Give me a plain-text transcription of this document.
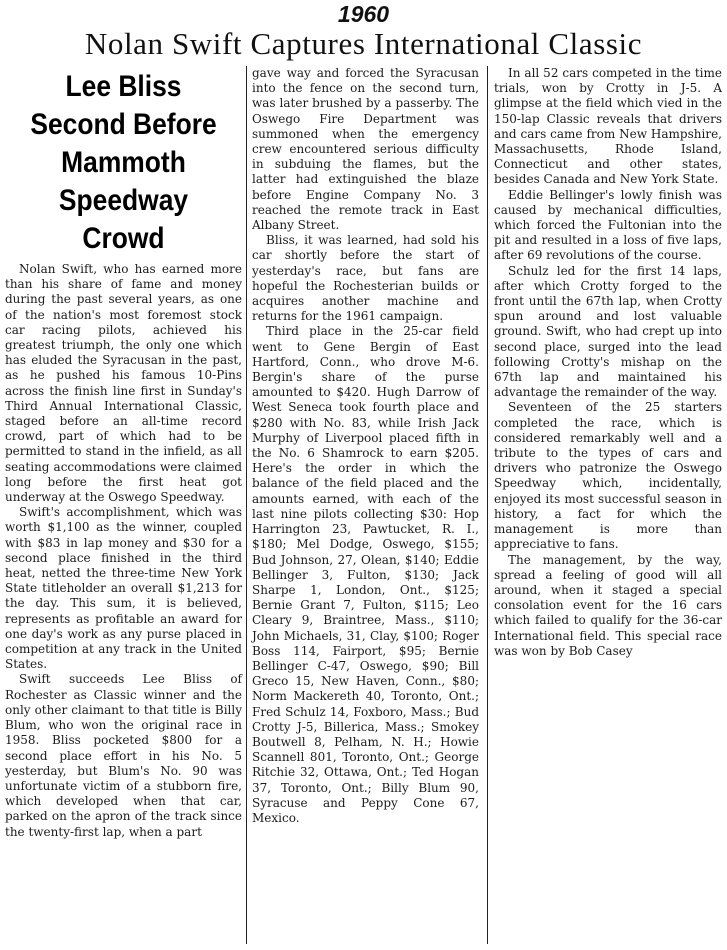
1960
Nolan Swift Captures International Classic
Lee Bliss Second Before Mammoth Speedway Crowd

Nolan Swift, who has earned more than his share of fame and money during the past several years, as one of the nation's most foremost stock car racing pilots, achieved his greatest triumph, the only one which has eluded the Syracusan in the past, as he pushed his famous 10-Pins across the finish line first in Sunday's Third Annual International Classic, staged before an all-time record crowd, part of which had to be permitted to stand in the infield, as all seating accommodations were claimed long before the first heat got underway at the Oswego Speedway.

Swift's accomplishment, which was worth $1,100 as the winner, coupled with $83 in lap money and $30 for a second place finished in the third heat, netted the three-time New York State titleholder an overall $1,213 for the day. This sum, it is believed, represents as profitable an award for one day's work as any purse placed in competition at any track in the United States.

Swift succeeds Lee Bliss of Rochester as Classic winner and the only other claimant to that title is Billy Blum, who won the original race in 1958. Bliss pocketed $800 for a second place effort in his No. 5 yesterday, but Blum's No. 90 was unfortunate victim of a stubborn fire, which developed when that car, parked on the apron of the track since the twenty-first lap, when a part

gave way and forced the Syracusan into the fence on the second turn, was later brushed by a passerby. The Oswego Fire Department was summoned when the emergency crew encountered serious difficulty in subduing the flames, but the latter had extinguished the blaze before Engine Company No. 3 reached the remote track in East Albany Street.

Bliss, it was learned, had sold his car shortly before the start of yesterday's race, but fans are hopeful the Rochesterian builds or acquires another machine and returns for the 1961 campaign.

Third place in the 25-car field went to Gene Bergin of East Hartford, Conn., who drove M-6. Bergin's share of the purse amounted to $420. Hugh Darrow of West Seneca took fourth place and $280 with No. 83, while Irish Jack Murphy of Liverpool placed fifth in the No. 6 Shamrock to earn $205. Here's the order in which the balance of the field placed and the amounts earned, with each of the last nine pilots collecting $30: Hop Harrington 23, Pawtucket, R. I., $180; Mel Dodge, Oswego, $155; Bud Johnson, 27, Olean, $140; Eddie Bellinger 3, Fulton, $130; Jack Sharpe 1, London, Ont., $125; Bernie Grant 7, Fulton, $115; Leo Cleary 9, Braintree, Mass., $110; John Michaels, 31, Clay, $100; Roger Boss 114, Fairport, $95; Bernie Bellinger C-47, Oswego, $90; Bill Greco 15, New Haven, Conn., $80; Norm Mackereth 40, Toronto, Ont.; Fred Schulz 14, Foxboro, Mass.; Bud Crotty J-5, Billerica, Mass.; Smokey Boutwell 8, Pelham, N. H.; Howie Scannell 801, Toronto, Ont.; George Ritchie 32, Ottawa, Ont.; Ted Hogan 37, Toronto, Ont.; Billy Blum 90, Syracuse and Peppy Cone 67, Mexico.

In all 52 cars competed in the time trials, won by Crotty in J-5. A glimpse at the field which vied in the 150-lap Classic reveals that drivers and cars came from New Hampshire, Massachusetts, Rhode Island, Connecticut and other states, besides Canada and New York State.

Eddie Bellinger's lowly finish was caused by mechanical difficulties, which forced the Fultonian into the pit and resulted in a loss of five laps, after 69 revolutions of the course.

Schulz led for the first 14 laps, after which Crotty forged to the front until the 67th lap, when Crotty spun around and lost valuable ground. Swift, who had crept up into second place, surged into the lead following Crotty's mishap on the 67th lap and maintained his advantage the remainder of the way.

Seventeen of the 25 starters completed the race, which is considered remarkably well and a tribute to the types of cars and drivers who patronize the Oswego Speedway which, incidentally, enjoyed its most successful season in history, a fact for which the management is more than appreciative to fans.

The management, by the way, spread a feeling of good will all around, when it staged a special consolation event for the 16 cars which failed to qualify for the 36-car International field. This special race was won by Bob Casey
